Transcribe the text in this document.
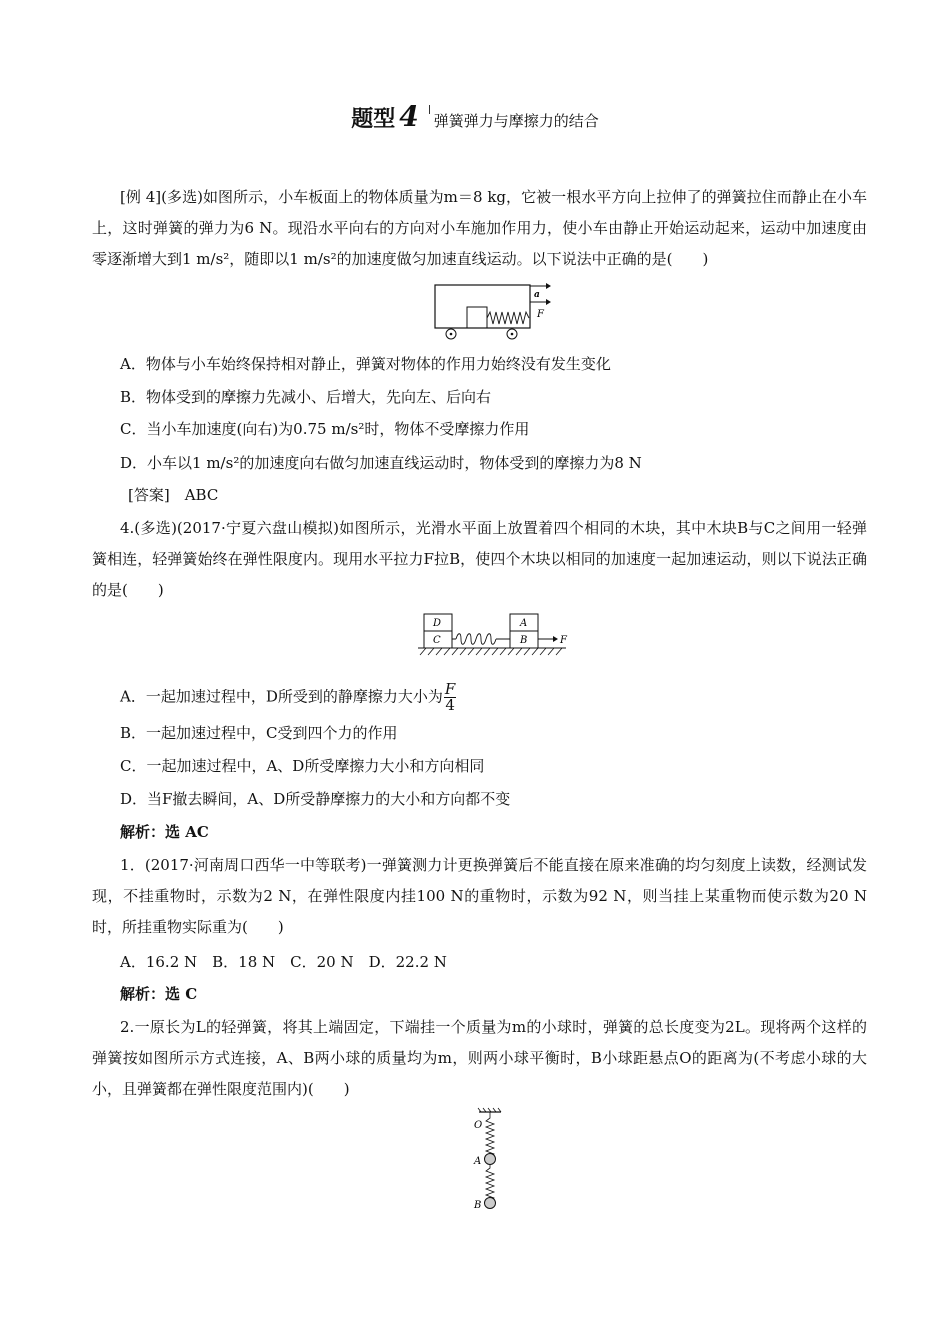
题型 4 弹簧弹力与摩擦力的结合
[例 4](多选)如图所示，小车板面上的物体质量为m＝8 kg，它被一根水平方向上拉伸了的弹簧拉住而静止在小车上，这时弹簧的弹力为6 N。现沿水平向右的方向对小车施加作用力，使小车由静止开始运动起来，运动中加速度由零逐渐增大到1 m/s²，随即以1 m/s²的加速度做匀加速直线运动。以下说法中正确的是(　　)
a
F
A．物体与小车始终保持相对静止，弹簧对物体的作用力始终没有发生变化
B．物体受到的摩擦力先减小、后增大，先向左、后向右
C．当小车加速度(向右)为0.75 m/s²时，物体不受摩擦力作用
D．小车以1 m/s²的加速度向右做匀加速直线运动时，物体受到的摩擦力为8 N
[答案]　ABC
4.(多选)(2017·宁夏六盘山模拟)如图所示，光滑水平面上放置着四个相同的木块，其中木块B与C之间用一轻弹簧相连，轻弹簧始终在弹性限度内。现用水平拉力F拉B，使四个木块以相同的加速度一起加速运动，则以下说法正确的是(　　)
D
C
A
B	F
A．一起加速过程中，D所受到的静摩擦力大小为 $\frac{F}{4}$
B．一起加速过程中，C受到四个力的作用
C．一起加速过程中，A、D所受摩擦力大小和方向相同
D．当F撤去瞬间，A、D所受静摩擦力的大小和方向都不变
解析：选 AC
1．(2017·河南周口西华一中等联考)一弹簧测力计更换弹簧后不能直接在原来准确的均匀刻度上读数，经测试发现，不挂重物时，示数为2 N，在弹性限度内挂100 N的重物时，示数为92 N，则当挂上某重物而使示数为20 N时，所挂重物实际重为(　　)
A．16.2 N　B．18 N　C．20 N　D．22.2 N
解析：选 C
2.一原长为L的轻弹簧，将其上端固定，下端挂一个质量为m的小球时，弹簧的总长度变为2L。现将两个这样的弹簧按如图所示方式连接，A、B两小球的质量均为m，则两小球平衡时，B小球距悬点O的距离为(不考虑小球的大小，且弹簧都在弹性限度范围内)(　　)
O
A
B
